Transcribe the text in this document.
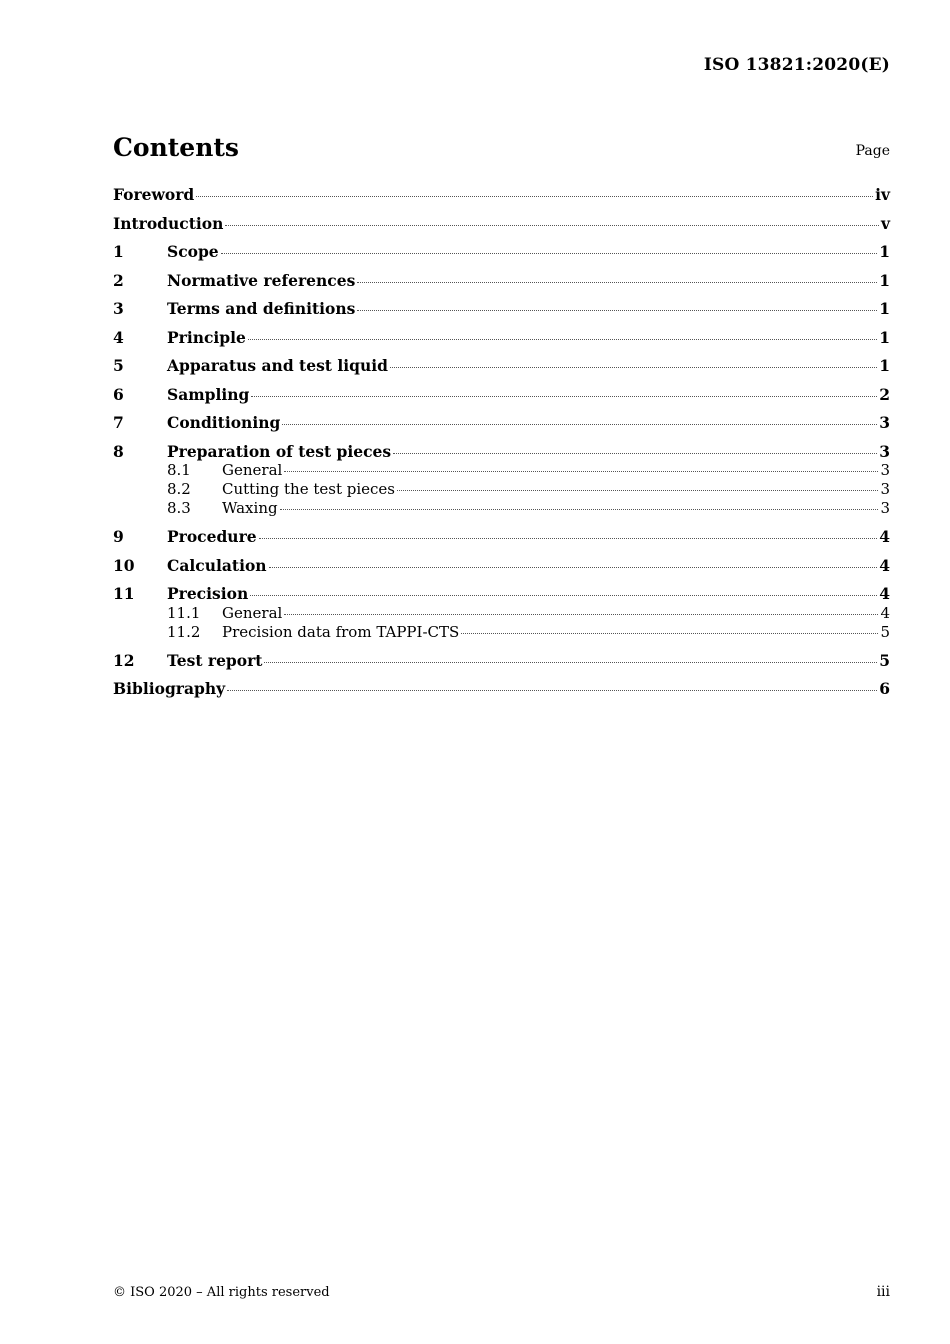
ISO 13821:2020(E)
Contents	Page
Foreword	iv
Introduction	v
1	Scope	1
2	Normative references	1
3	Terms and definitions	1
4	Principle	1
5	Apparatus and test liquid	1
6	Sampling	2
7	Conditioning	3
8	Preparation of test pieces	3
8.1	General	3
8.2	Cutting the test pieces	3
8.3	Waxing	3
9	Procedure	4
10	Calculation	4
11	Precision	4
11.1	General	4
11.2	Precision data from TAPPI-CTS	5
12	Test report	5
Bibliography	6
© ISO 2020 – All rights reserved	iii
